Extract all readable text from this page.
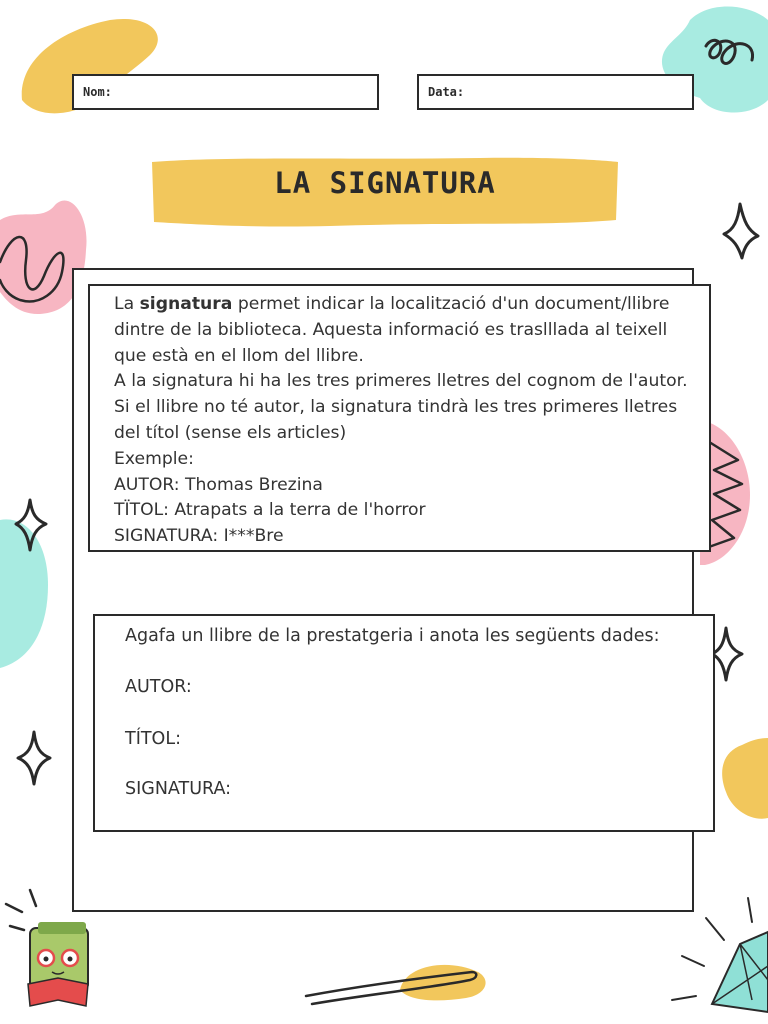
Nom:	Data:
LA SIGNATURA

La signatura permet indicar la localització d'un document/llibre

dintre de la biblioteca. Aquesta informació es traslllada al teixell

que està en el llom del llibre.

A la signatura hi ha les tres primeres lletres del cognom de l'autor.

Si el llibre no té autor, la signatura tindrà les tres primeres lletres

del títol (sense els articles)

Exemple:

AUTOR: Thomas Brezina

TÏTOL: Atrapats a la terra de l'horror

SIGNATURA: I***Bre

Agafa un llibre de la prestatgeria i anota les següents dades:
AUTOR:
TÍTOL:
SIGNATURA:
